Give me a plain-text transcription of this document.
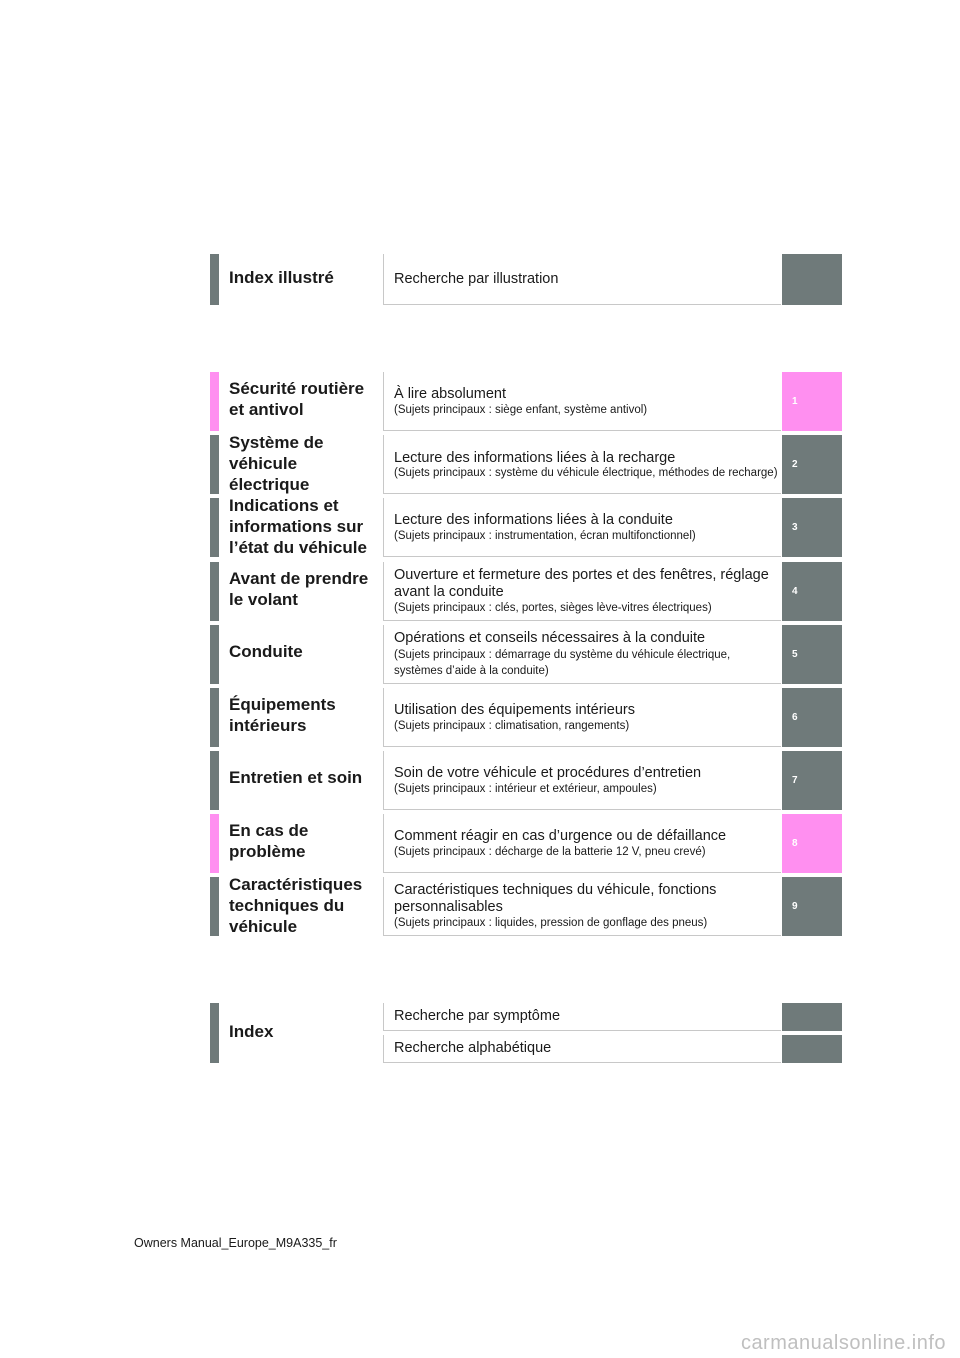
Index illustré	Recherche par illustration
Sécurité routière et antivol
À lire absolument
(Sujets principaux : siège enfant, système antivol)
1
Système de véhicule électrique
Lecture des informations liées à la recharge
(Sujets principaux : système du véhicule électrique, méthodes de recharge)
2
Indications et informations sur l’état du véhicule
Lecture des informations liées à la conduite
(Sujets principaux : instrumentation, écran multifonctionnel)
3
Avant de prendre le volant
Ouverture et fermeture des portes et des fenêtres, réglage avant la conduite
(Sujets principaux : clés, portes, sièges lève-vitres électriques)
4
Conduite
Opérations et conseils nécessaires à la conduite
(Sujets principaux : démarrage du système du véhicule électrique, systèmes d’aide à la conduite)
5
Équipements intérieurs
Utilisation des équipements intérieurs
(Sujets principaux : climatisation, rangements)
6
Entretien et soin	Soin de votre véhicule et procédures d’entretien
(Sujets principaux : intérieur et extérieur, ampoules)
7
En cas de problème
Comment réagir en cas d’urgence ou de défaillance
(Sujets principaux : décharge de la batterie 12 V, pneu crevé)
8
Caractéristiques techniques du véhicule
Caractéristiques techniques du véhicule, fonctions personnalisables
(Sujets principaux : liquides, pression de gonflage des pneus)
9
Index
Recherche par symptôme
Recherche alphabétique
Owners Manual_Europe_M9A335_fr
carmanualsonline.info
